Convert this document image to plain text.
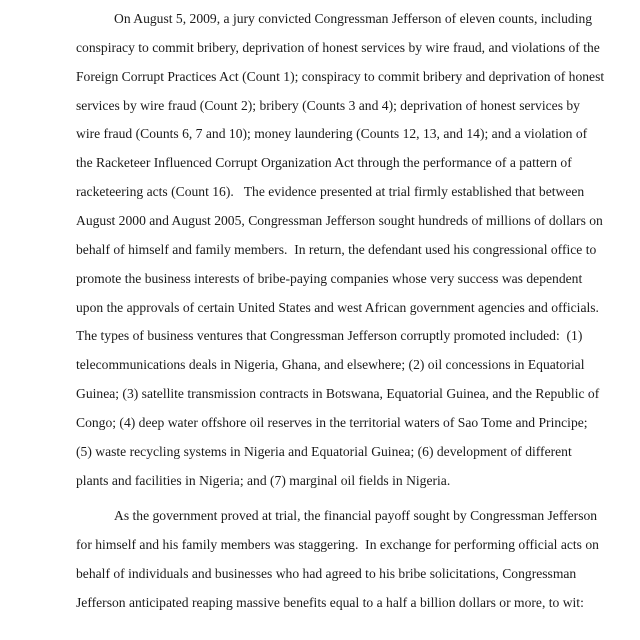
On August 5, 2009, a jury convicted Congressman Jefferson of eleven counts, including
conspiracy to commit bribery, deprivation of honest services by wire fraud, and violations of the
Foreign Corrupt Practices Act (Count 1); conspiracy to commit bribery and deprivation of honest
services by wire fraud (Count 2); bribery (Counts 3 and 4); deprivation of honest services by
wire fraud (Counts 6, 7 and 10); money laundering (Counts 12, 13, and 14); and a violation of
the Racketeer Influenced Corrupt Organization Act through the performance of a pattern of
racketeering acts (Count 16).   The evidence presented at trial firmly established that between
August 2000 and August 2005, Congressman Jefferson sought hundreds of millions of dollars on
behalf of himself and family members.  In return, the defendant used his congressional office to
promote the business interests of bribe-paying companies whose very success was dependent
upon the approvals of certain United States and west African government agencies and officials.
The types of business ventures that Congressman Jefferson corruptly promoted included:  (1)
telecommunications deals in Nigeria, Ghana, and elsewhere; (2) oil concessions in Equatorial
Guinea; (3) satellite transmission contracts in Botswana, Equatorial Guinea, and the Republic of
Congo; (4) deep water offshore oil reserves in the territorial waters of Sao Tome and Principe;
(5) waste recycling systems in Nigeria and Equatorial Guinea; (6) development of different
plants and facilities in Nigeria; and (7) marginal oil fields in Nigeria.
As the government proved at trial, the financial payoff sought by Congressman Jefferson
for himself and his family members was staggering.  In exchange for performing official acts on
behalf of individuals and businesses who had agreed to his bribe solicitations, Congressman
Jefferson anticipated reaping massive benefits equal to a half a billion dollars or more, to wit:
